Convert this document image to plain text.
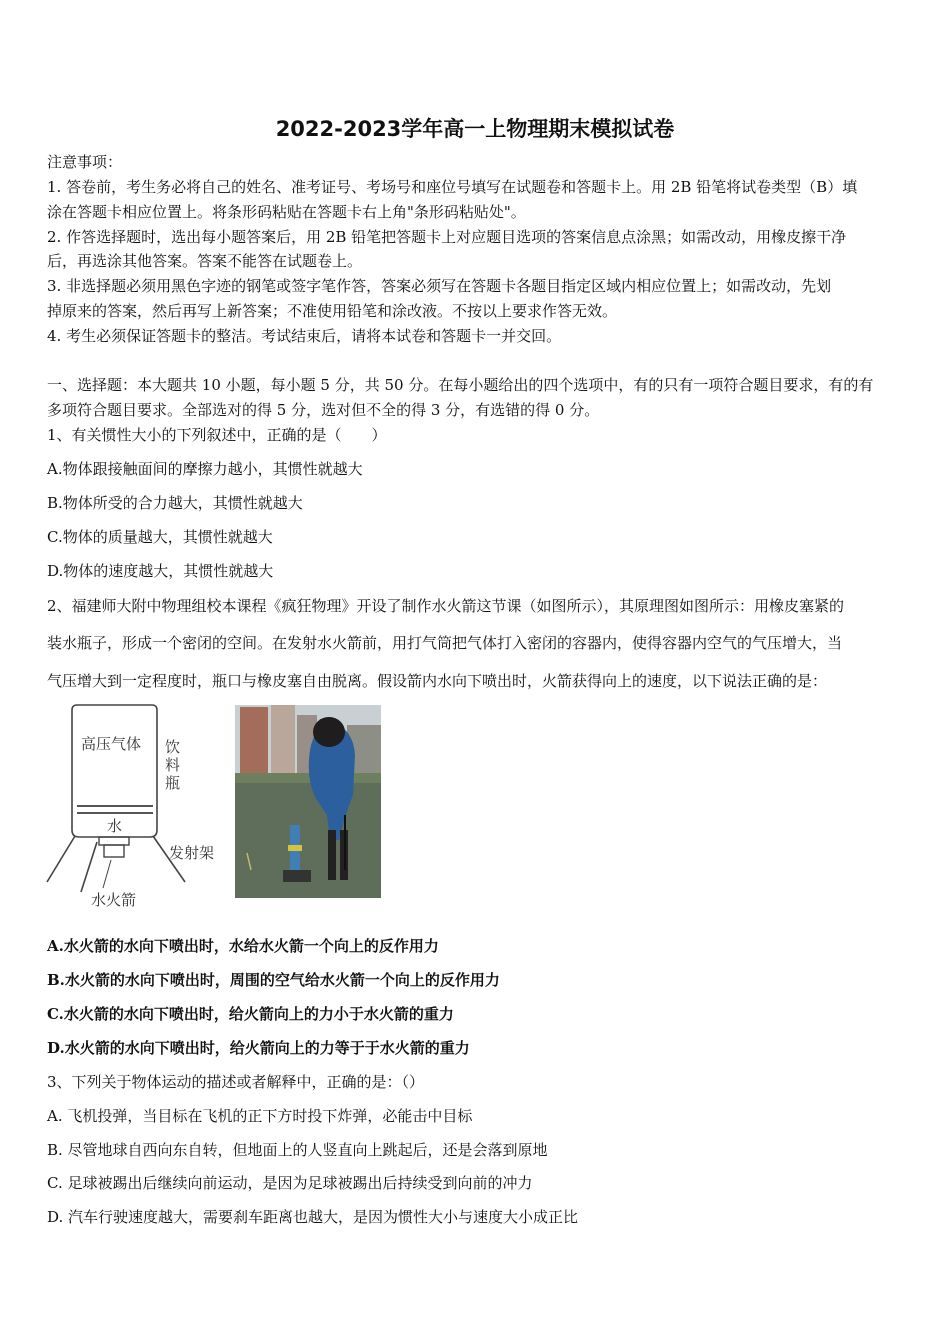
2022-2023学年高一上物理期末模拟试卷
注意事项：
1. 答卷前，考生务必将自己的姓名、准考证号、考场号和座位号填写在试题卷和答题卡上。用 2B 铅笔将试卷类型（B）填
涂在答题卡相应位置上。将条形码粘贴在答题卡右上角"条形码粘贴处"。
2. 作答选择题时，选出每小题答案后，用 2B 铅笔把答题卡上对应题目选项的答案信息点涂黑；如需改动，用橡皮擦干净
后，再选涂其他答案。答案不能答在试题卷上。
3. 非选择题必须用黑色字迹的钢笔或签字笔作答，答案必须写在答题卡各题目指定区域内相应位置上；如需改动，先划
掉原来的答案，然后再写上新答案；不准使用铅笔和涂改液。不按以上要求作答无效。
4. 考生必须保证答题卡的整洁。考试结束后，请将本试卷和答题卡一并交回。
一、选择题：本大题共 10 小题，每小题 5 分，共 50 分。在每小题给出的四个选项中，有的只有一项符合题目要求，有的有
多项符合题目要求。全部选对的得 5 分，选对但不全的得 3 分，有选错的得 0 分。
1、有关惯性大小的下列叙述中，正确的是（　　）
A.物体跟接触面间的摩擦力越小，其惯性就越大
B.物体所受的合力越大，其惯性就越大
C.物体的质量越大，其惯性就越大
D.物体的速度越大，其惯性就越大
2、福建师大附中物理组校本课程《疯狂物理》开设了制作水火箭这节课（如图所示），其原理图如图所示：用橡皮塞紧的
装水瓶子，形成一个密闭的空间。在发射水火箭前，用打气筒把气体打入密闭的容器内，使得容器内空气的气压增大，当
气压增大到一定程度时，瓶口与橡皮塞自由脱离。假设箭内水向下喷出时，火箭获得向上的速度，以下说法正确的是：
高压气体 饮
料
瓶
水
发射架
水火箭
A.水火箭的水向下喷出时，水给水火箭一个向上的反作用力
B.水火箭的水向下喷出时，周围的空气给水火箭一个向上的反作用力
C.水火箭的水向下喷出时，给火箭向上的力小于水火箭的重力
D.水火箭的水向下喷出时，给火箭向上的力等于于水火箭的重力
3、下列关于物体运动的描述或者解释中，正确的是：（）
A. 飞机投弹，当目标在飞机的正下方时投下炸弹，必能击中目标
B. 尽管地球自西向东自转，但地面上的人竖直向上跳起后，还是会落到原地
C. 足球被踢出后继续向前运动，是因为足球被踢出后持续受到向前的冲力
D. 汽车行驶速度越大，需要刹车距离也越大，是因为惯性大小与速度大小成正比
